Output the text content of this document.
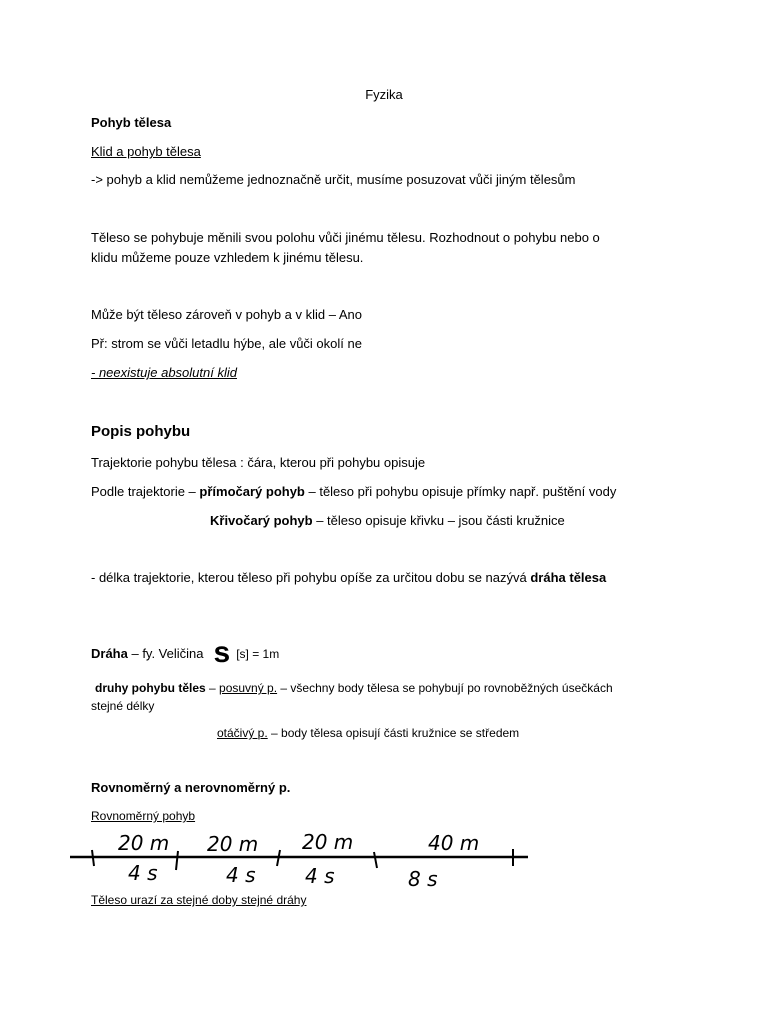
Fyzika
Pohyb tělesa
Klid a pohyb tělesa
-> pohyb a klid nemůžeme jednoznačně určit, musíme posuzovat vůči jiným tělesům
Těleso se pohybuje měnili svou polohu vůči jinému tělesu. Rozhodnout o pohybu nebo o
klidu můžeme pouze vzhledem k jinému tělesu.
Může být těleso zároveň v pohyb a v klid – Ano
Př: strom se vůči letadlu hýbe, ale vůči okolí ne
- neexistuje absolutní klid
Popis pohybu
Trajektorie pohybu tělesa : čára, kterou při pohybu opisuje
Podle trajektorie – přímočarý pohyb – těleso při pohybu opisuje přímky např. puštění vody
Křivočarý pohyb – těleso opisuje křivku – jsou části kružnice
- délka trajektorie, kterou těleso při pohybu opíše za určitou dobu se nazývá dráha tělesa
Dráha – fy. Veličina s [s] = 1m
druhy pohybu těles – posuvný p. – všechny body tělesa se pohybují po rovnoběžných úsečkách
stejné délky
otáčivý p. – body tělesa opisují části kružnice se středem
Rovnoměrný a nerovnoměrný p.
Rovnoměrný pohyb
20 m 20 m 20 m	40 m
4 s	4 s 4 s	8 s
Těleso urazí za stejné doby stejné dráhy
